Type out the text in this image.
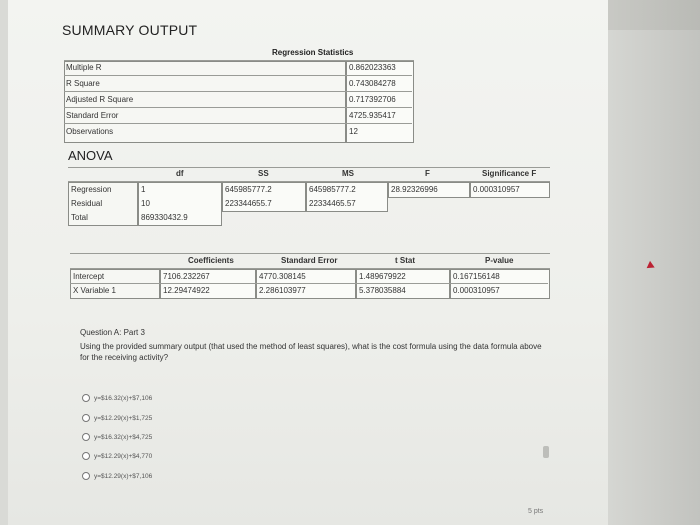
SUMMARY OUTPUT
Regression Statistics
Multiple R	0.862023363
R Square	0.743084278
Adjusted R Square	0.717392706
Standard Error	4725.935417
Observations	12
ANOVA
df	SS	MS	F	Significance F
Regression	1	645985777.2	645985777.2	28.92326996	0.000310957
Residual	10	223344655.7	22334465.57
Total	869330432.9
Coefficients	Standard Error	t Stat	P-value
Intercept	7106.232267	4770.308145	1.489679922	0.167156148
X Variable 1	12.29474922	2.286103977	5.378035884	0.000310957
Question A: Part 3
Using the provided summary output (that used the method of least squares), what is the cost formula using the data formula above for the receiving activity?
y=$16.32(x)+$7,106
y=$12.29(x)+$1,725
y=$16.32(x)+$4,725
y=$12.29(x)+$4,770
y=$12.29(x)+$7,106
5 pts
